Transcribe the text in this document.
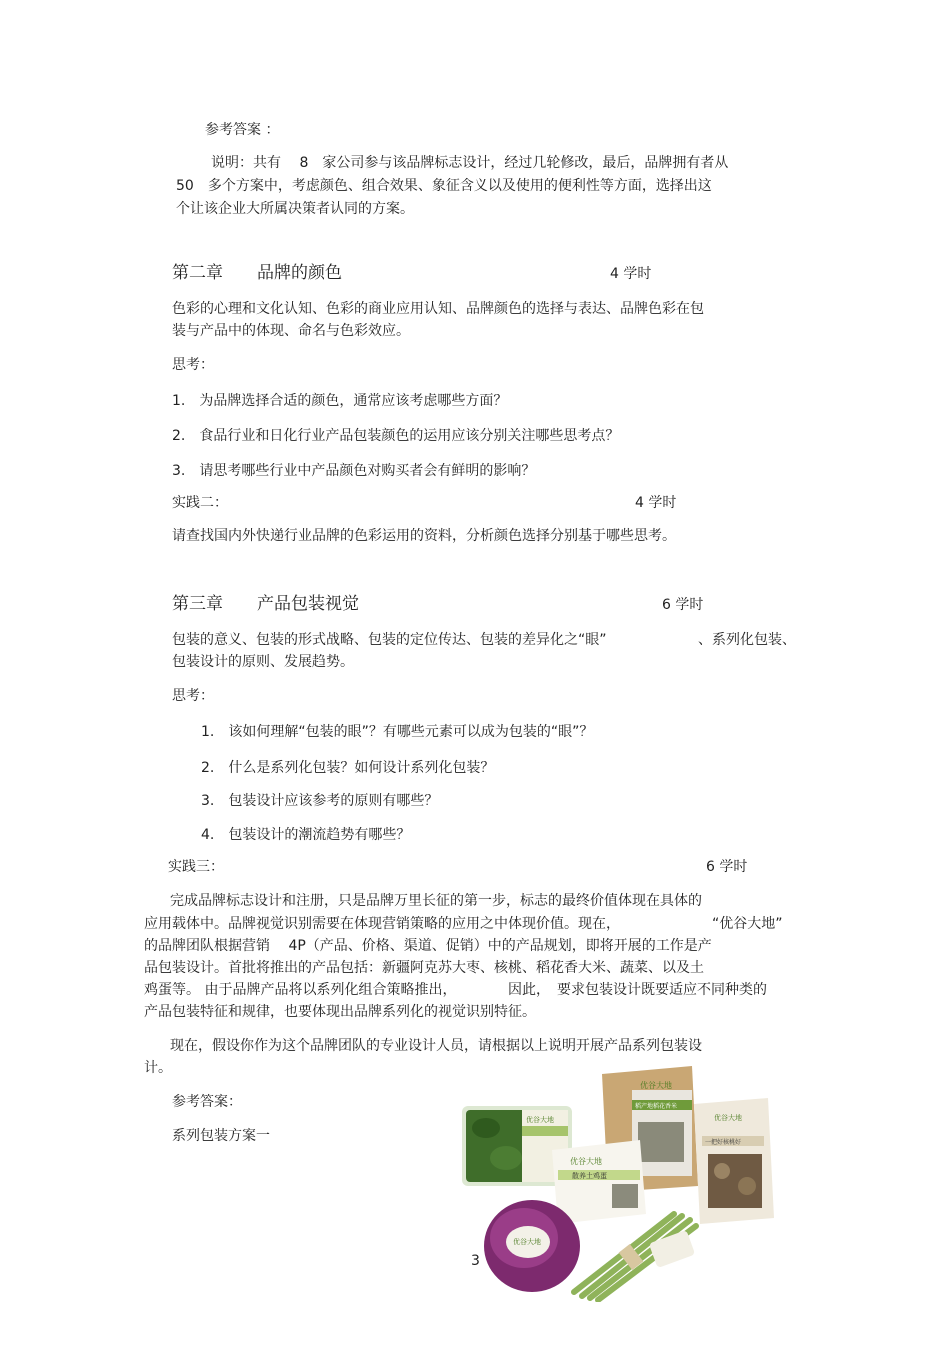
参考答案 ：
说明：共有　 8　家公司参与该品牌标志设计，经过几轮修改，最后，品牌拥有者从
50　多个方案中，考虑颜色、组合效果、象征含义以及使用的便利性等方面，选择出这
个让该企业大所属决策者认同的方案。
第二章　　品牌的颜色	4 学时
色彩的心理和文化认知、色彩的商业应用认知、品牌颜色的选择与表达、品牌色彩在包
装与产品中的体现、命名与色彩效应。
思考：
1.　为品牌选择合适的颜色，通常应该考虑哪些方面？
2.　食品行业和日化行业产品包装颜色的运用应该分别关注哪些思考点？
3.　请思考哪些行业中产品颜色对购买者会有鲜明的影响？
实践二：	4 学时
请查找国内外快递行业品牌的色彩运用的资料，分析颜色选择分别基于哪些思考。
第三章　　产品包装视觉	6 学时
包装的意义、包装的形式战略、包装的定位传达、包装的差异化之“眼”	、系列化包装、
包装设计的原则、发展趋势。
思考：
1.　该如何理解“包装的眼”？有哪些元素可以成为包装的“眼”？
2.　什么是系列化包装？如何设计系列化包装？
3.　包装设计应该参考的原则有哪些？
4.　包装设计的潮流趋势有哪些？
实践三：	6 学时
完成品牌标志设计和注册，只是品牌万里长征的第一步，标志的最终价值体现在具体的
应用载体中。品牌视觉识别需要在体现营销策略的应用之中体现价值。现在，	“优谷大地”
的品牌团队根据营销　 4P（产品、价格、渠道、促销）中的产品规划，即将开展的工作是产
品包装设计。首批将推出的产品包括：新疆阿克苏大枣、核桃、稻花香大米、蔬菜、以及土
鸡蛋等。 由于品牌产品将以系列化组合策略推出，	因此，　要求包装设计既要适应不同种类的
产品包装特征和规律，也要体现出品牌系列化的视觉识别特征。
现在，假设你作为这个品牌团队的专业设计人员，请根据以上说明开展产品系列包装设
计。
参考答案：
系列包装方案一
优谷大地
稻产地稻花香米
优谷大地
一把好核桃好
优谷大地
优谷大地
散养土鸡蛋
优谷大地
3
